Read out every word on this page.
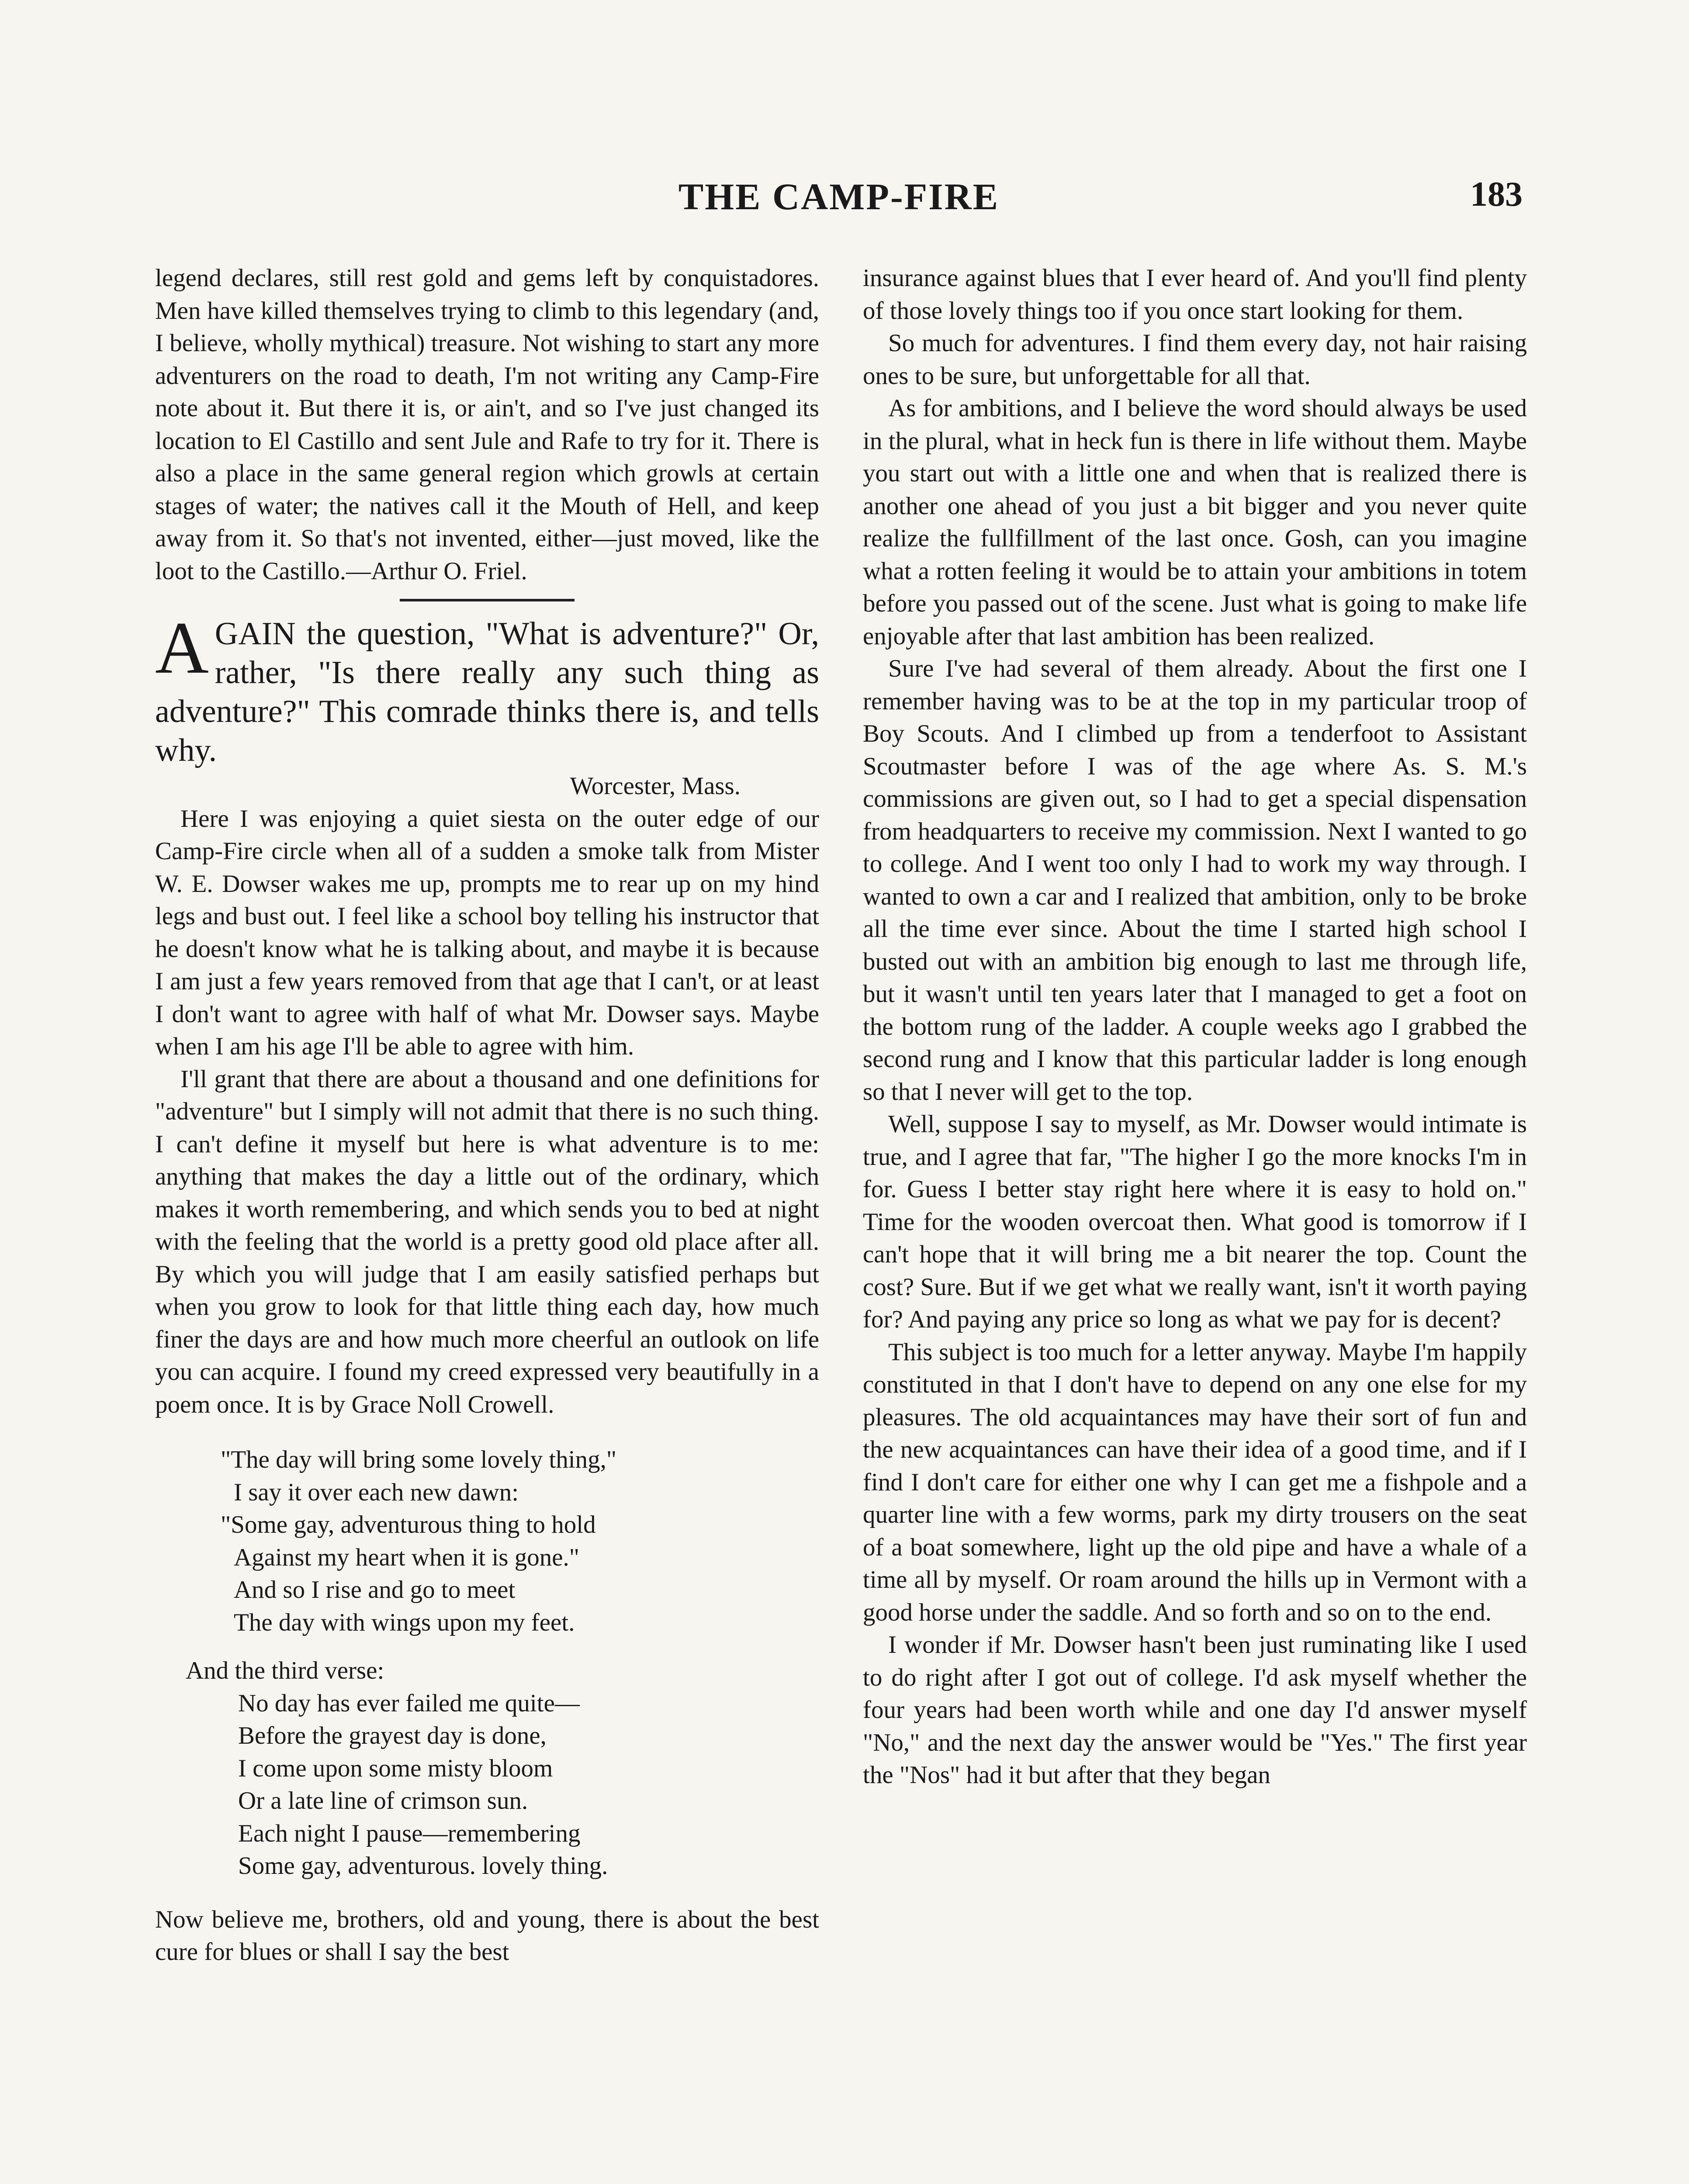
THE CAMP-FIRE	183

legend declares, still rest gold and gems left by conquistadores. Men have killed themselves trying to climb to this legendary (and, I believe, wholly mythical) treasure. Not wishing to start any more adventurers on the road to death, I'm not writing any Camp-Fire note about it. But there it is, or ain't, and so I've just changed its location to El Castillo and sent Jule and Rafe to try for it. There is also a place in the same general region which growls at certain stages of water; the natives call it the Mouth of Hell, and keep away from it. So that's not invented, either—just moved, like the loot to the Castillo.—Arthur O. Friel.

AGAIN the question, "What is adventure?" Or, rather, "Is there really any such thing as adventure?" This comrade thinks there is, and tells why.

Worcester, Mass.

Here I was enjoying a quiet siesta on the outer edge of our Camp-Fire circle when all of a sudden a smoke talk from Mister W. E. Dowser wakes me up, prompts me to rear up on my hind legs and bust out. I feel like a school boy telling his instructor that he doesn't know what he is talking about, and maybe it is because I am just a few years removed from that age that I can't, or at least I don't want to agree with half of what Mr. Dowser says. Maybe when I am his age I'll be able to agree with him.

I'll grant that there are about a thousand and one definitions for "adventure" but I simply will not admit that there is no such thing. I can't define it myself but here is what adventure is to me: anything that makes the day a little out of the ordinary, which makes it worth remembering, and which sends you to bed at night with the feeling that the world is a pretty good old place after all. By which you will judge that I am easily satisfied perhaps but when you grow to look for that little thing each day, how much finer the days are and how much more cheerful an outlook on life you can acquire. I found my creed expressed very beautifully in a poem once. It is by Grace Noll Crowell.

"The day will bring some lovely thing,"

I say it over each new dawn:

"Some gay, adventurous thing to hold

Against my heart when it is gone."

And so I rise and go to meet

The day with wings upon my feet.

And the third verse:

No day has ever failed me quite—

Before the grayest day is done,

I come upon some misty bloom

Or a late line of crimson sun.

Each night I pause—remembering

Some gay, adventurous. lovely thing.

Now believe me, brothers, old and young, there is about the best cure for blues or shall I say the best

insurance against blues that I ever heard of. And you'll find plenty of those lovely things too if you once start looking for them.

So much for adventures. I find them every day, not hair raising ones to be sure, but unforgettable for all that.

As for ambitions, and I believe the word should always be used in the plural, what in heck fun is there in life without them. Maybe you start out with a little one and when that is realized there is another one ahead of you just a bit bigger and you never quite realize the fullfillment of the last once. Gosh, can you imagine what a rotten feeling it would be to attain your ambitions in totem before you passed out of the scene. Just what is going to make life enjoyable after that last ambition has been realized.

Sure I've had several of them already. About the first one I remember having was to be at the top in my particular troop of Boy Scouts. And I climbed up from a tenderfoot to Assistant Scoutmaster before I was of the age where As. S. M.'s commissions are given out, so I had to get a special dispensation from headquarters to receive my commission. Next I wanted to go to college. And I went too only I had to work my way through. I wanted to own a car and I realized that ambition, only to be broke all the time ever since. About the time I started high school I busted out with an ambition big enough to last me through life, but it wasn't until ten years later that I managed to get a foot on the bottom rung of the ladder. A couple weeks ago I grabbed the second rung and I know that this particular ladder is long enough so that I never will get to the top.

Well, suppose I say to myself, as Mr. Dowser would intimate is true, and I agree that far, "The higher I go the more knocks I'm in for. Guess I better stay right here where it is easy to hold on." Time for the wooden overcoat then. What good is tomorrow if I can't hope that it will bring me a bit nearer the top. Count the cost? Sure. But if we get what we really want, isn't it worth paying for? And paying any price so long as what we pay for is decent?

This subject is too much for a letter anyway. Maybe I'm happily constituted in that I don't have to depend on any one else for my pleasures. The old acquaintances may have their sort of fun and the new acquaintances can have their idea of a good time, and if I find I don't care for either one why I can get me a fishpole and a quarter line with a few worms, park my dirty trousers on the seat of a boat somewhere, light up the old pipe and have a whale of a time all by myself. Or roam around the hills up in Vermont with a good horse under the saddle. And so forth and so on to the end.

I wonder if Mr. Dowser hasn't been just ruminating like I used to do right after I got out of college. I'd ask myself whether the four years had been worth while and one day I'd answer myself "No," and the next day the answer would be "Yes." The first year the "Nos" had it but after that they began
